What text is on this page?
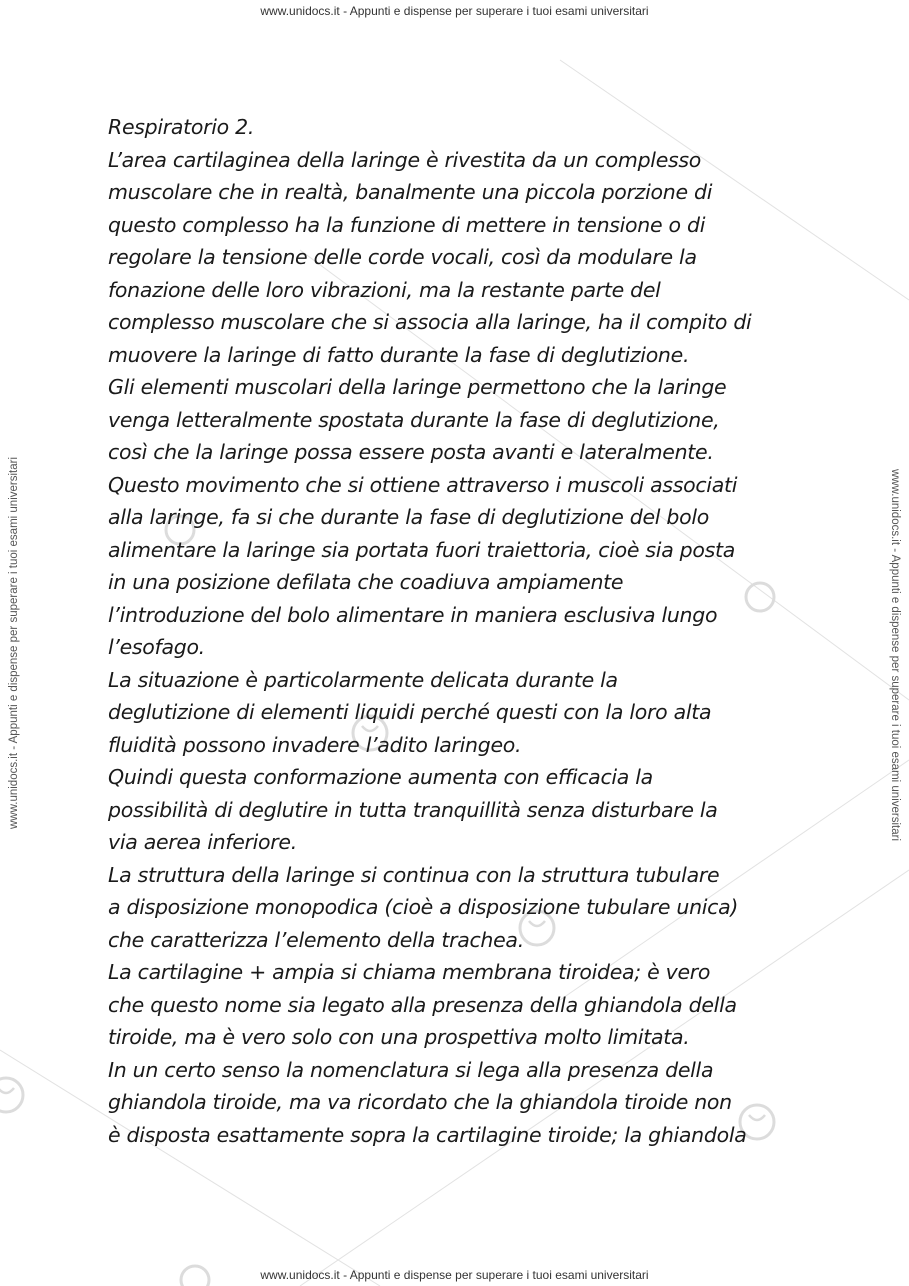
www.unidocs.it - Appunti e dispense per superare i tuoi esami universitari
www.unidocs.it - Appunti e dispense per superare i tuoi esami universitari
www.unidocs.it - Appunti e dispense per superare i tuoi esami universitari	www.unidocs.it - Appunti e dispense per superare i tuoi esami universitari
Respiratorio 2.
L’area cartilaginea della laringe è rivestita da un complesso
muscolare che in realtà, banalmente una piccola porzione di
questo complesso ha la funzione di mettere in tensione o di
regolare la tensione delle corde vocali, così da modulare la
fonazione delle loro vibrazioni, ma la restante parte del
complesso muscolare che si associa alla laringe, ha il compito di
muovere la laringe di fatto durante la fase di deglutizione.
Gli elementi muscolari della laringe permettono che la laringe
venga letteralmente spostata durante la fase di deglutizione,
così che la laringe possa essere posta avanti e lateralmente.
Questo movimento che si ottiene attraverso i muscoli associati
alla laringe, fa si che durante la fase di deglutizione del bolo
alimentare la laringe sia portata fuori traiettoria, cioè sia posta
in una posizione defilata che coadiuva ampiamente
l’introduzione del bolo alimentare in maniera esclusiva lungo
l’esofago.
La situazione è particolarmente delicata durante la
deglutizione di elementi liquidi perché questi con la loro alta
fluidità possono invadere l’adito laringeo.
Quindi questa conformazione aumenta con efficacia la
possibilità di deglutire in tutta tranquillità senza disturbare la
via aerea inferiore.
La struttura della laringe si continua con la struttura tubulare
a disposizione monopodica (cioè a disposizione tubulare unica)
che caratterizza l’elemento della trachea.
La cartilagine + ampia si chiama membrana tiroidea; è vero
che questo nome sia legato alla presenza della ghiandola della
tiroide, ma è vero solo con una prospettiva molto limitata.
In un certo senso la nomenclatura si lega alla presenza della
ghiandola tiroide, ma va ricordato che la ghiandola tiroide non
è disposta esattamente sopra la cartilagine tiroide; la ghiandola
